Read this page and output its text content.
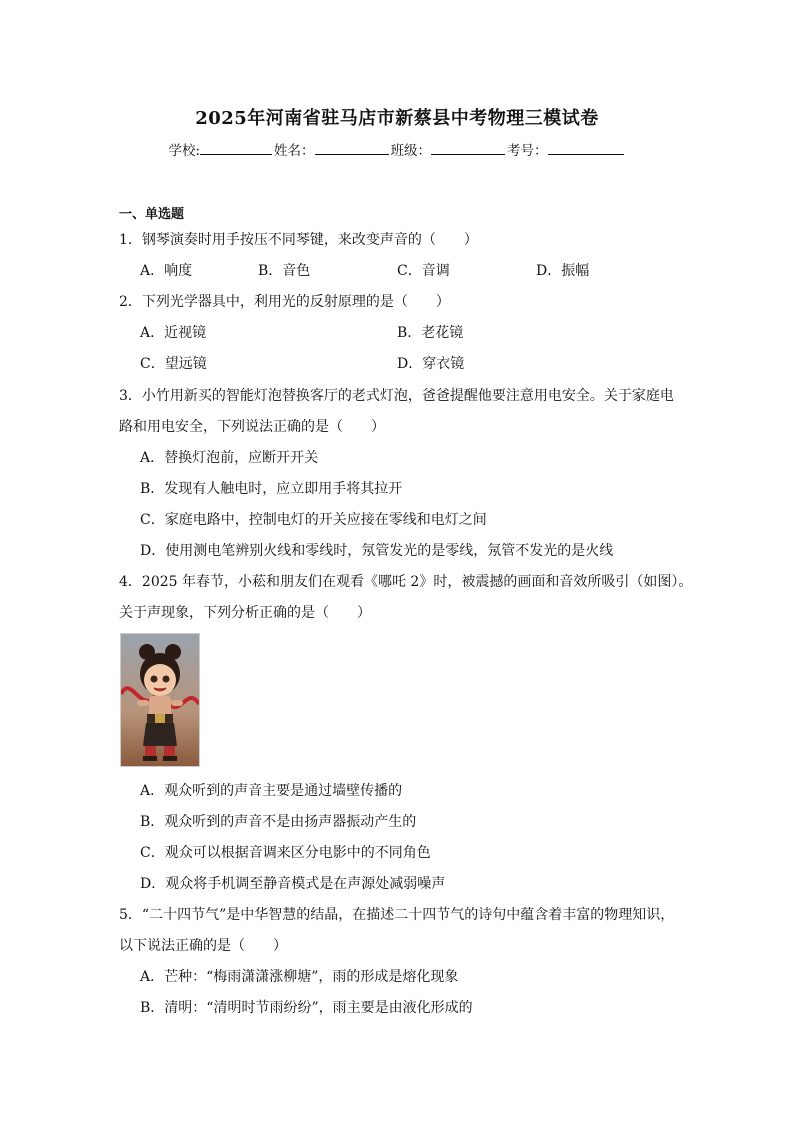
2025年河南省驻马店市新蔡县中考物理三模试卷
学校:	姓名：	班级：	考号：
一、单选题
1．钢琴演奏时用手按压不同琴键，来改变声音的（　　）
A．响度	B．音色	C．音调	D．振幅
2．下列光学器具中，利用光的反射原理的是（　　）
A．近视镜	B．老花镜
C．望远镜	D．穿衣镜
3．小竹用新买的智能灯泡替换客厅的老式灯泡，爸爸提醒他要注意用电安全。关于家庭电
路和用电安全，下列说法正确的是（　　）
A．替换灯泡前，应断开开关
B．发现有人触电时，应立即用手将其拉开
C．家庭电路中，控制电灯的开关应接在零线和电灯之间
D．使用测电笔辨别火线和零线时，氖管发光的是零线，氖管不发光的是火线
4．2025 年春节，小菘和朋友们在观看《哪吒 2》时，被震撼的画面和音效所吸引（如图）。
关于声现象，下列分析正确的是（　　）
A．观众听到的声音主要是通过墙壁传播的
B．观众听到的声音不是由扬声器振动产生的
C．观众可以根据音调来区分电影中的不同角色
D．观众将手机调至静音模式是在声源处减弱噪声
5．“二十四节气”是中华智慧的结晶，在描述二十四节气的诗句中蕴含着丰富的物理知识，
以下说法正确的是（　　）
A．芒种：“梅雨潇潇涨柳塘”，雨的形成是熔化现象
B．清明：“清明时节雨纷纷”，雨主要是由液化形成的
